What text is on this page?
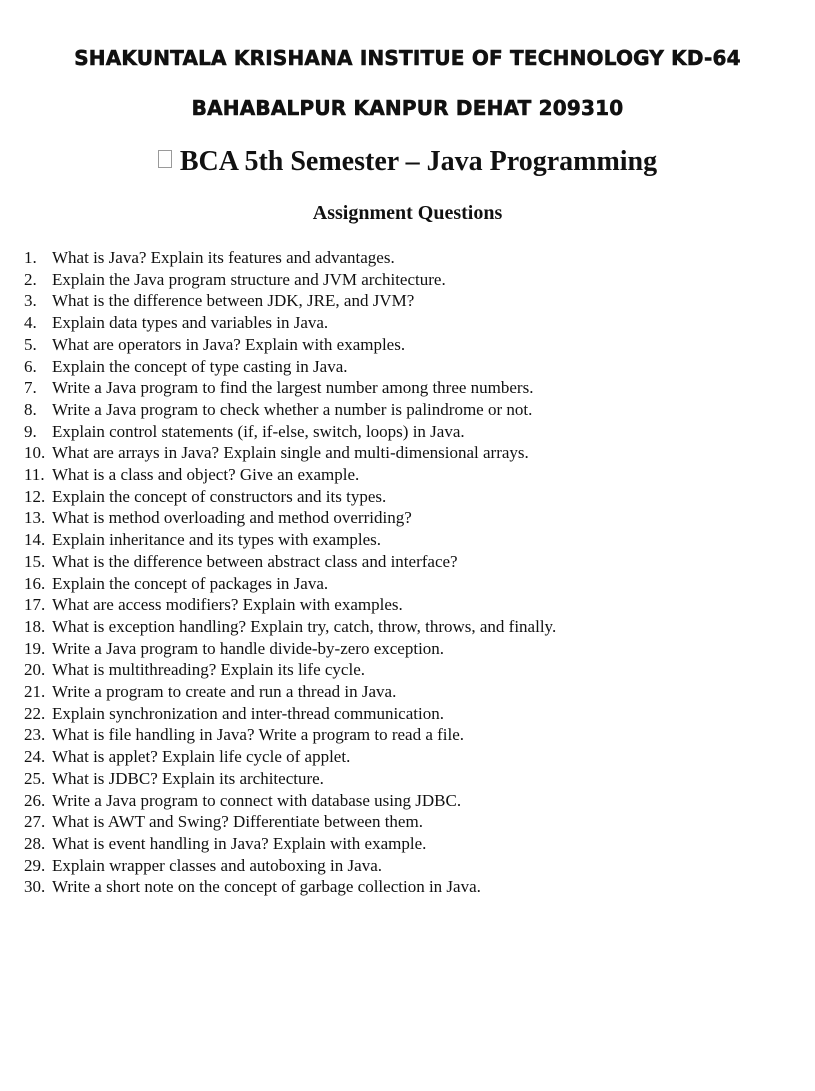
SHAKUNTALA KRISHANA INSTITUE OF TECHNOLOGY KD-64
BAHABALPUR KANPUR DEHAT 209310
BCA 5th Semester – Java Programming
Assignment Questions
1. What is Java? Explain its features and advantages.
2. Explain the Java program structure and JVM architecture.
3. What is the difference between JDK, JRE, and JVM?
4. Explain data types and variables in Java.
5. What are operators in Java? Explain with examples.
6. Explain the concept of type casting in Java.
7. Write a Java program to find the largest number among three numbers.
8. Write a Java program to check whether a number is palindrome or not.
9. Explain control statements (if, if-else, switch, loops) in Java.
10. What are arrays in Java? Explain single and multi-dimensional arrays.
11. What is a class and object? Give an example.
12. Explain the concept of constructors and its types.
13. What is method overloading and method overriding?
14. Explain inheritance and its types with examples.
15. What is the difference between abstract class and interface?
16. Explain the concept of packages in Java.
17. What are access modifiers? Explain with examples.
18. What is exception handling? Explain try, catch, throw, throws, and finally.
19. Write a Java program to handle divide-by-zero exception.
20. What is multithreading? Explain its life cycle.
21. Write a program to create and run a thread in Java.
22. Explain synchronization and inter-thread communication.
23. What is file handling in Java? Write a program to read a file.
24. What is applet? Explain life cycle of applet.
25. What is JDBC? Explain its architecture.
26. Write a Java program to connect with database using JDBC.
27. What is AWT and Swing? Differentiate between them.
28. What is event handling in Java? Explain with example.
29. Explain wrapper classes and autoboxing in Java.
30. Write a short note on the concept of garbage collection in Java.
